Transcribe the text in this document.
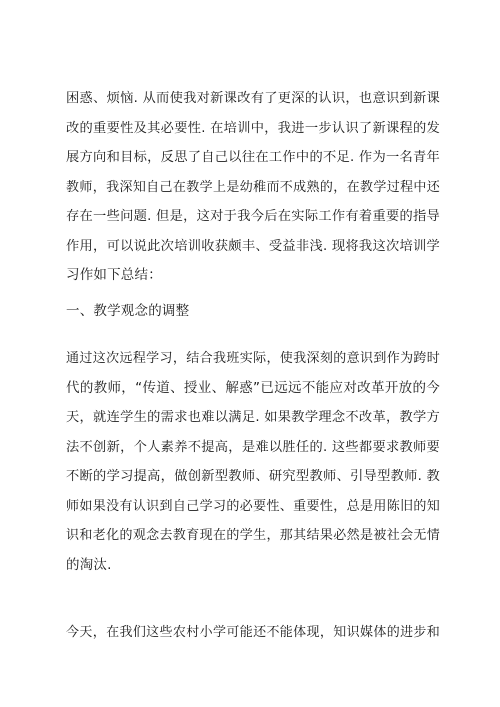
困惑、烦恼. 从而使我对新课改有了更深的认识，也意识到新课
改的重要性及其必要性. 在培训中，我进一步认识了新课程的发
展方向和目标，反思了自己以往在工作中的不足. 作为一名青年
教师，我深知自己在教学上是幼稚而不成熟的，在教学过程中还
存在一些问题. 但是，这对于我今后在实际工作有着重要的指导
作用，可以说此次培训收获颇丰、受益非浅. 现将我这次培训学
习作如下总结：
一、教学观念的调整
通过这次远程学习，结合我班实际，使我深刻的意识到作为跨时
代的教师，“传道、授业、解惑”已远远不能应对改革开放的今
天，就连学生的需求也难以满足. 如果教学理念不改革，教学方
法不创新，个人素养不提高，是难以胜任的. 这些都要求教师要
不断的学习提高，做创新型教师、研究型教师、引导型教师. 教
师如果没有认识到自己学习的必要性、重要性，总是用陈旧的知
识和老化的观念去教育现在的学生，那其结果必然是被社会无情
的淘汰.
今天，在我们这些农村小学可能还不能体现，知识媒体的进步和
